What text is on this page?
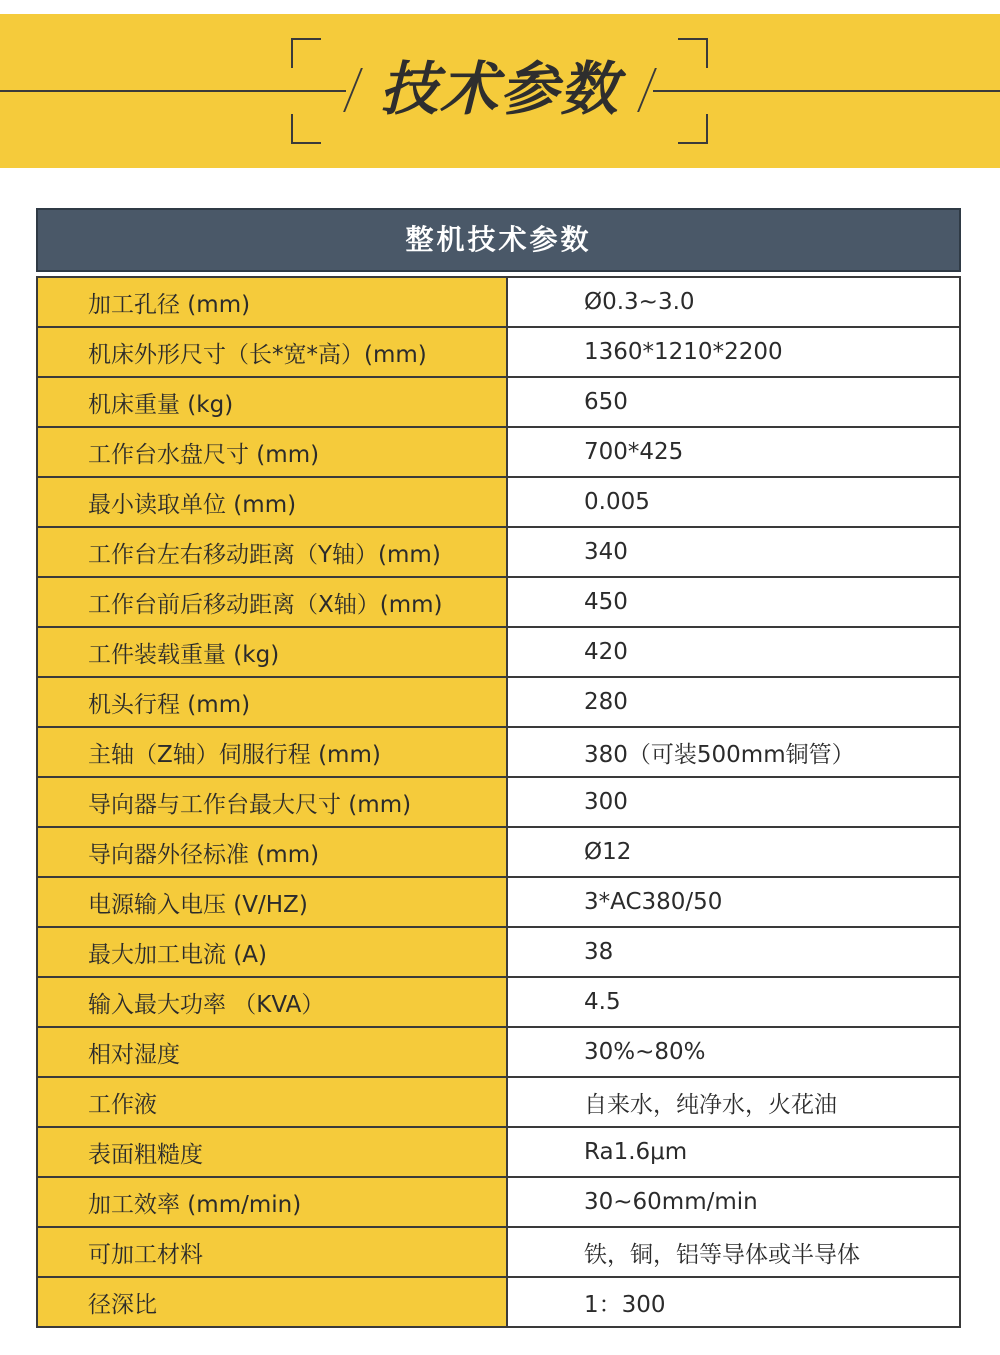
技术参数
整机技术参数
加工孔径 (mm)	Ø0.3~3.0
机床外形尺寸（长*宽*高）(mm)	1360*1210*2200
机床重量 (kg)	650
工作台水盘尺寸 (mm)	700*425
最小读取单位 (mm)	0.005
工作台左右移动距离（Y轴）(mm)	340
工作台前后移动距离（X轴）(mm)	450
工件装载重量 (kg)	420
机头行程 (mm)	280
主轴（Z轴）伺服行程 (mm)	380（可装500mm铜管）
导向器与工作台最大尺寸 (mm)	300
导向器外径标准 (mm)	Ø12
电源输入电压 (V/HZ)	3*AC380/50
最大加工电流 (A)	38
输入最大功率 （KVA）	4.5
相对湿度	30%~80%
工作液	自来水，纯净水，火花油
表面粗糙度	Ra1.6μm
加工效率 (mm/min)	30~60mm/min
可加工材料	铁，铜，铝等导体或半导体
径深比	1：300
